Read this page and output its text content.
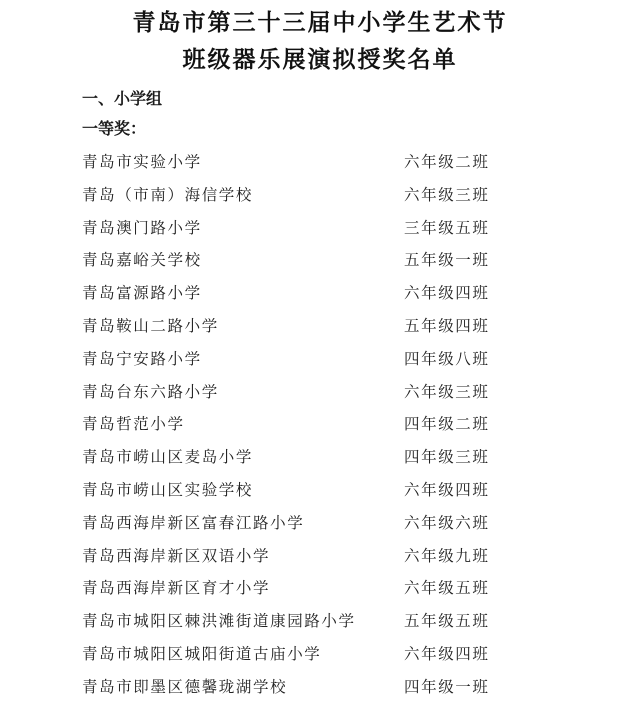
青岛市第三十三届中小学生艺术节
班级器乐展演拟授奖名单
一、小学组
一等奖：
青岛市实验小学	六年级二班
青岛（市南）海信学校	六年级三班
青岛澳门路小学	三年级五班
青岛嘉峪关学校	五年级一班
青岛富源路小学	六年级四班
青岛鞍山二路小学	五年级四班
青岛宁安路小学	四年级八班
青岛台东六路小学	六年级三班
青岛哲范小学	四年级二班
青岛市崂山区麦岛小学	四年级三班
青岛市崂山区实验学校	六年级四班
青岛西海岸新区富春江路小学	六年级六班
青岛西海岸新区双语小学	六年级九班
青岛西海岸新区育才小学	六年级五班
青岛市城阳区棘洪滩街道康园路小学	五年级五班
青岛市城阳区城阳街道古庙小学	六年级四班
青岛市即墨区德馨珑湖学校	四年级一班
